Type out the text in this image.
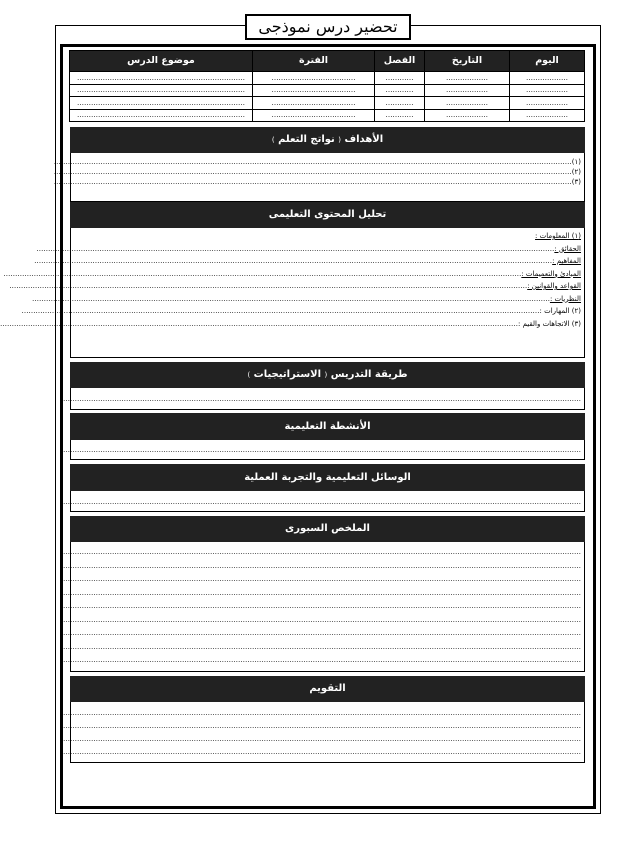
تحضير درس نموذجى
اليوم	التاريخ	الفصل	الفترة	موضوع الدرس
………………	………………	…………	………………………………	………………………………………………………………
………………	………………	…………	………………………………	………………………………………………………………
………………	………………	…………	………………………………	………………………………………………………………
………………	………………	…………	………………………………	………………………………………………………………
الأهداف ( نواتج التعلم )
(١)……………………………………………………………………………………………………………………………………………………………………………………………………
(٢)……………………………………………………………………………………………………………………………………………………………………………………………………
(٣)……………………………………………………………………………………………………………………………………………………………………………………………………
تحليل المحتوى التعليمى
(١) المعلومات :
الحقائق :……………………………………………………………………………………………………………………………………………………………………………………………………
المفاهيم :……………………………………………………………………………………………………………………………………………………………………………………………………
المبادئ والتعميمات :……………………………………………………………………………………………………………………………………………………………………………………………………
القواعد والقوانين :……………………………………………………………………………………………………………………………………………………………………………………………………
النظريات :……………………………………………………………………………………………………………………………………………………………………………………………………
(٢) المهارات :……………………………………………………………………………………………………………………………………………………………………………………………………
(٣) الاتجاهات والقيم :……………………………………………………………………………………………………………………………………………………………………………………………………
طريقة التدريس ( الاستراتيجيات )
……………………………………………………………………………………………………………………………………………………………………………………………………
الأنشطة التعليمية
……………………………………………………………………………………………………………………………………………………………………………………………………
الوسائل التعليمية والتجربة العملية
……………………………………………………………………………………………………………………………………………………………………………………………………
الملخص السبورى
……………………………………………………………………………………………………………………………………………………………………………………………………
……………………………………………………………………………………………………………………………………………………………………………………………………
……………………………………………………………………………………………………………………………………………………………………………………………………
……………………………………………………………………………………………………………………………………………………………………………………………………
……………………………………………………………………………………………………………………………………………………………………………………………………
……………………………………………………………………………………………………………………………………………………………………………………………………
……………………………………………………………………………………………………………………………………………………………………………………………………
……………………………………………………………………………………………………………………………………………………………………………………………………
……………………………………………………………………………………………………………………………………………………………………………………………………
التقويم
……………………………………………………………………………………………………………………………………………………………………………………………………
……………………………………………………………………………………………………………………………………………………………………………………………………
……………………………………………………………………………………………………………………………………………………………………………………………………
……………………………………………………………………………………………………………………………………………………………………………………………………
